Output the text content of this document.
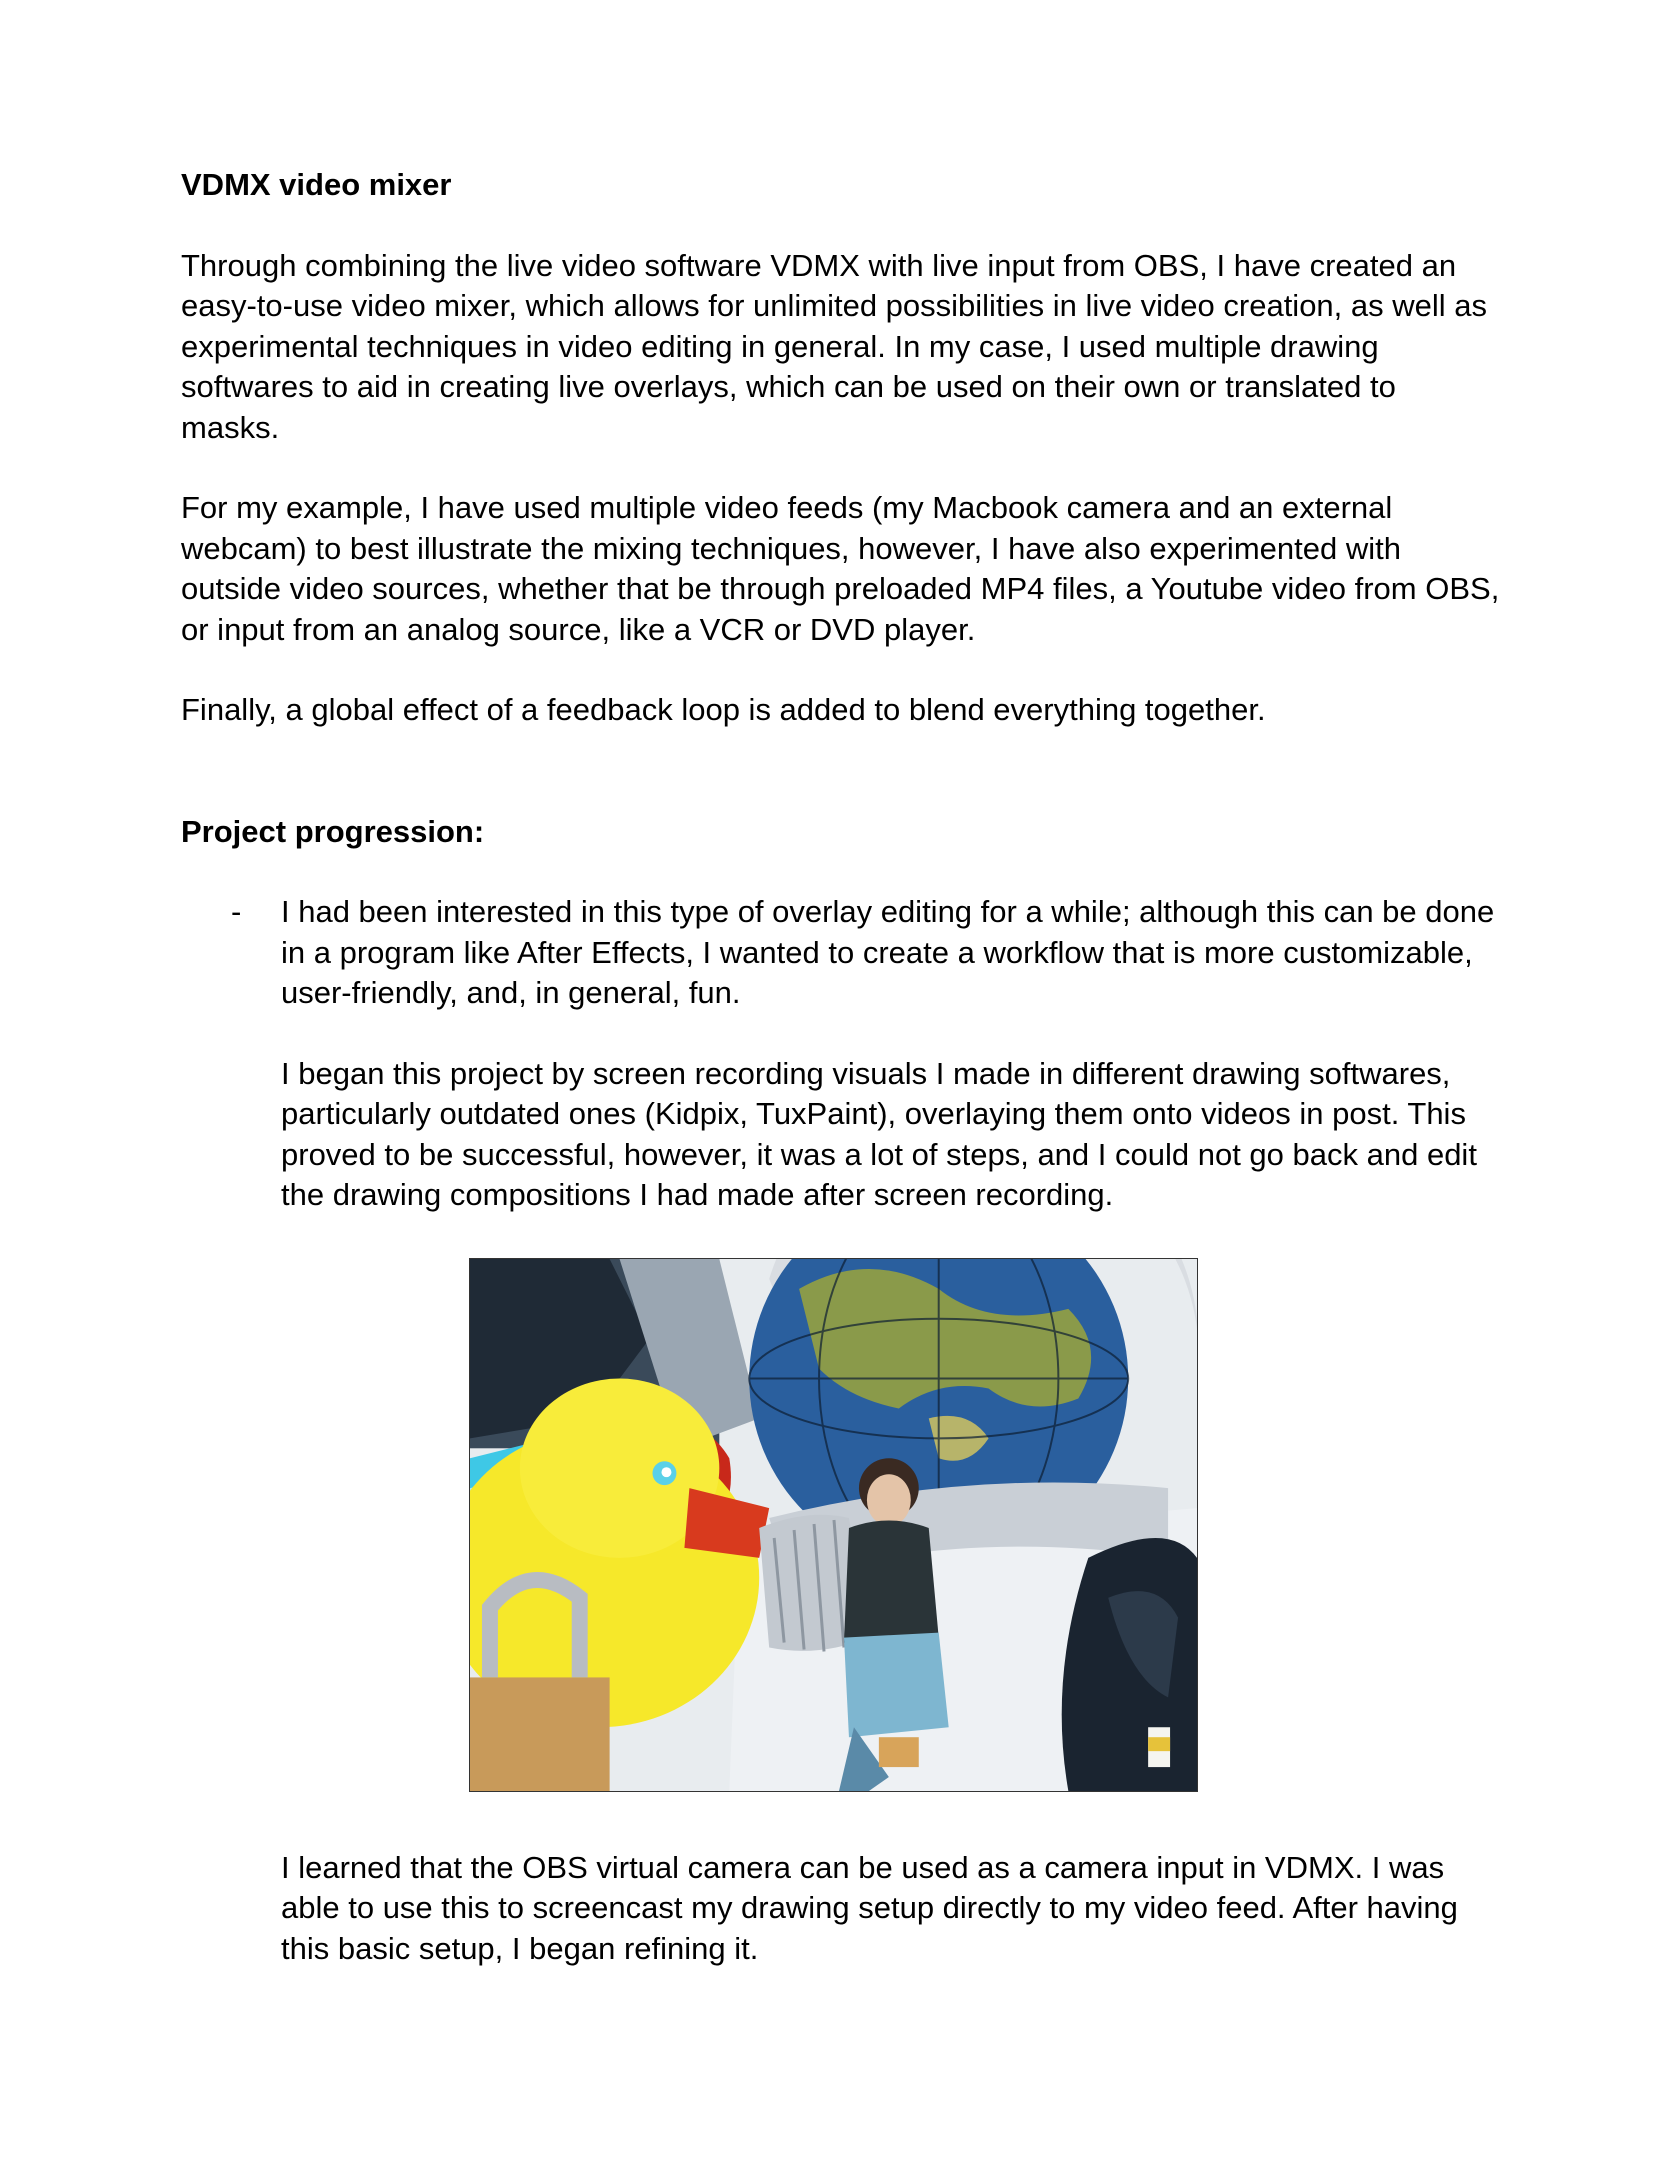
VDMX video mixer

Through combining the live video software VDMX with live input from OBS, I have created an easy-to-use video mixer, which allows for unlimited possibilities in live video creation, as well as experimental techniques in video editing in general. In my case, I used multiple drawing softwares to aid in creating live overlays, which can be used on their own or translated to masks.

For my example, I have used multiple video feeds (my Macbook camera and an external webcam) to best illustrate the mixing techniques, however, I have also experimented with outside video sources, whether that be through preloaded MP4 files, a Youtube video from OBS, or input from an analog source, like a VCR or DVD player.

Finally, a global effect of a feedback loop is added to blend everything together.

Project progression:

- I had been interested in this type of overlay editing for a while; although this can be done in a program like After Effects, I wanted to create a workflow that is more customizable, user-friendly, and, in general, fun.

I began this project by screen recording visuals I made in different drawing softwares, particularly outdated ones (Kidpix, TuxPaint), overlaying them onto videos in post. This proved to be successful, however, it was a lot of steps, and I could not go back and edit the drawing compositions I had made after screen recording.

I learned that the OBS virtual camera can be used as a camera input in VDMX. I was able to use this to screencast my drawing setup directly to my video feed. After having this basic setup, I began refining it.
